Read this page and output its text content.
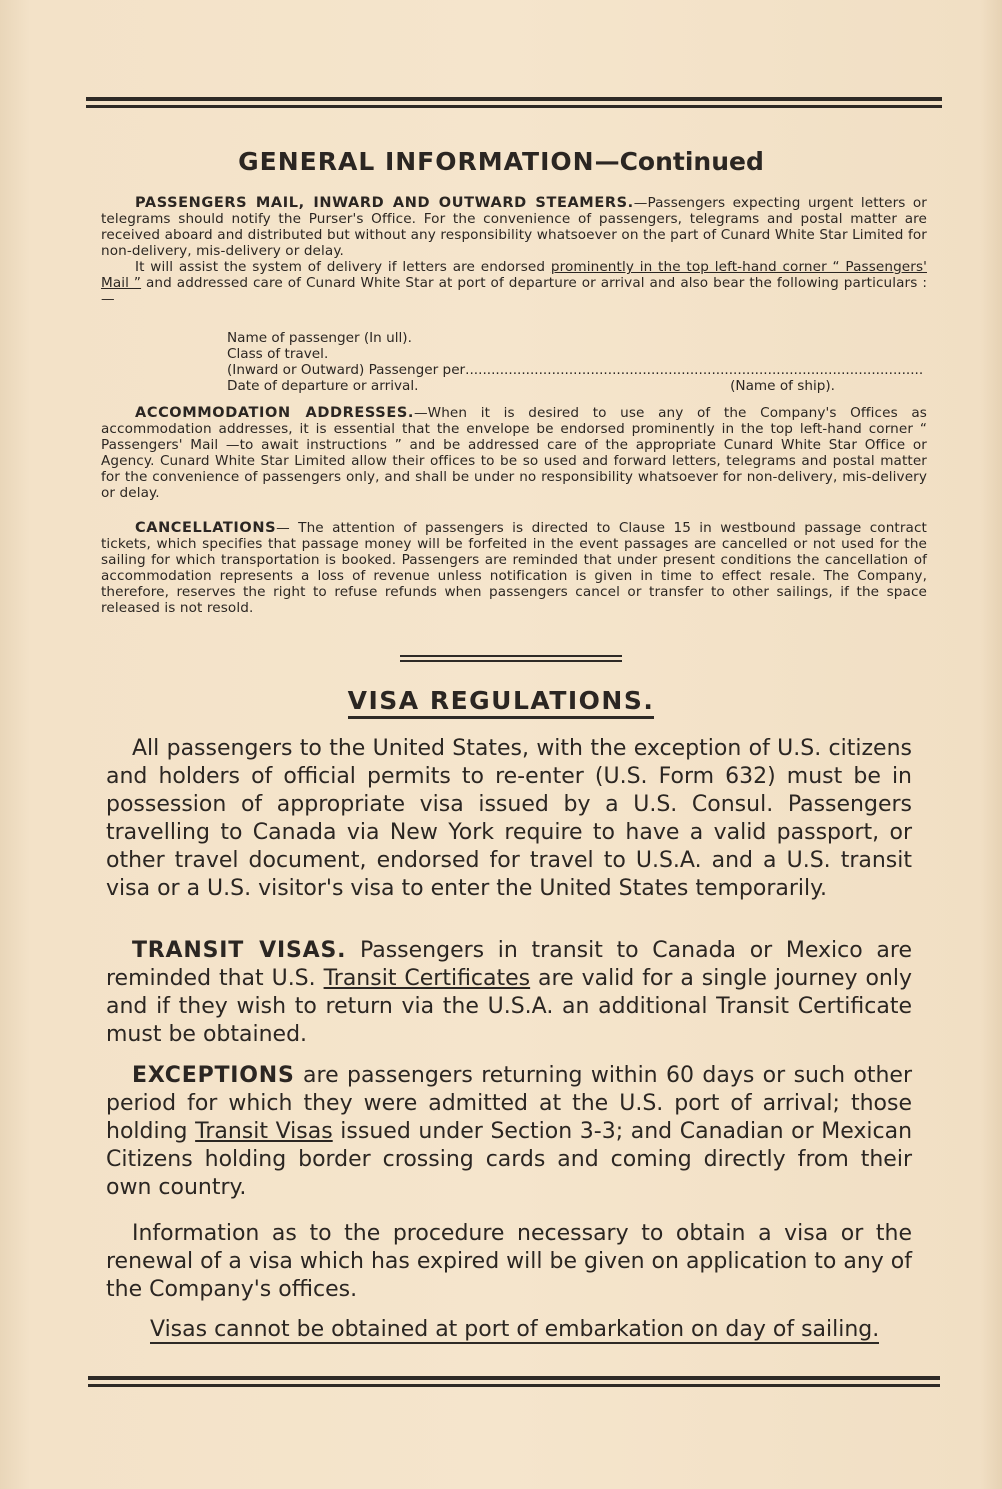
GENERAL INFORMATION—Continued
PASSENGERS MAIL, INWARD AND OUTWARD STEAMERS.—Passengers expecting urgent letters or telegrams should notify the Purser's Office. For the convenience of passengers, telegrams and postal matter are received aboard and distributed but without any responsibility whatsoever on the part of Cunard White Star Limited for non-delivery, mis-delivery or delay.
It will assist the system of delivery if letters are endorsed prominently in the top left-hand corner “ Passengers' Mail ” and addressed care of Cunard White Star at port of departure or arrival and also bear the following particulars :—
Name of passenger (In ull).
Class of travel.
(Inward or Outward) Passenger per ..........................................................................................................
Date of departure or arrival.	(Name of ship).
ACCOMMODATION ADDRESSES.—When it is desired to use any of the Company's Offices as accommodation addresses, it is essential that the envelope be endorsed prominently in the top left-hand corner “ Passengers' Mail —to await instructions ” and be addressed care of the appropriate Cunard White Star Office or Agency. Cunard White Star Limited allow their offices to be so used and forward letters, telegrams and postal matter for the convenience of passengers only, and shall be under no responsibility whatsoever for non-delivery, mis-delivery or delay.
CANCELLATIONS— The attention of passengers is directed to Clause 15 in westbound passage contract tickets, which specifies that passage money will be forfeited in the event passages are cancelled or not used for the sailing for which transportation is booked. Passengers are reminded that under present conditions the cancellation of accommodation represents a loss of revenue unless notification is given in time to effect resale. The Company, therefore, reserves the right to refuse refunds when passengers cancel or transfer to other sailings, if the space released is not resold.
VISA REGULATIONS.
All passengers to the United States, with the exception of U.S. citizens and holders of official permits to re-enter (U.S. Form 632) must be in possession of appropriate visa issued by a U.S. Consul. Passengers travelling to Canada via New York require to have a valid passport, or other travel document, endorsed for travel to U.S.A. and a U.S. transit visa or a U.S. visitor's visa to enter the United States temporarily.
TRANSIT VISAS. Passengers in transit to Canada or Mexico are reminded that U.S. Transit Certificates are valid for a single journey only and if they wish to return via the U.S.A. an additional Transit Certificate must be obtained.
EXCEPTIONS are passengers returning within 60 days or such other period for which they were admitted at the U.S. port of arrival; those holding Transit Visas issued under Section 3-3; and Canadian or Mexican Citizens holding border crossing cards and coming directly from their own country.
Information as to the procedure necessary to obtain a visa or the renewal of a visa which has expired will be given on application to any of the Company's offices.
Visas cannot be obtained at port of embarkation on day of sailing.
